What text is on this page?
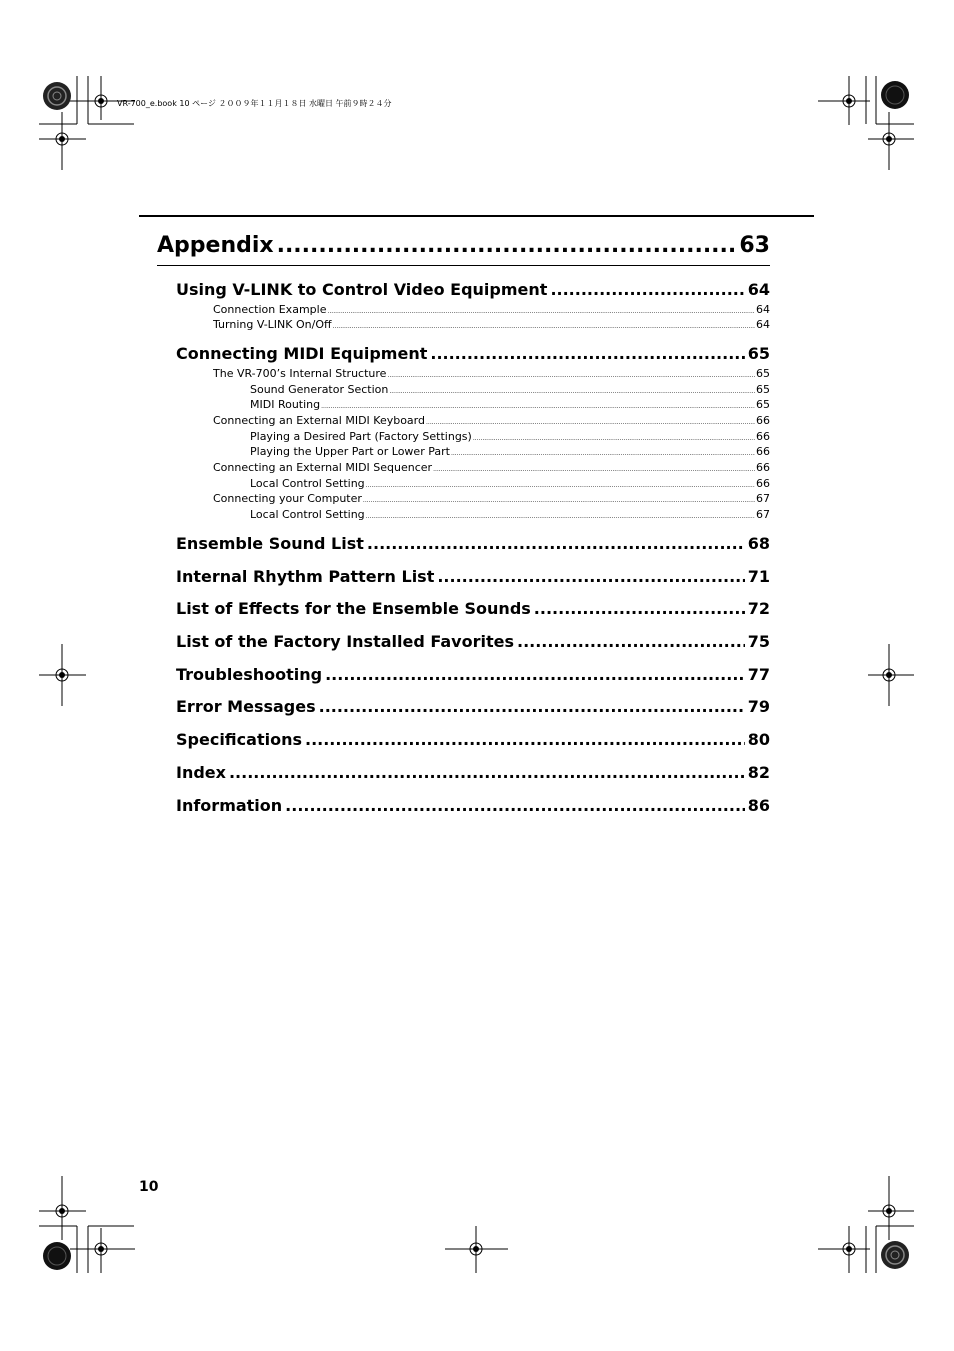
VR-700_e.book 10 ページ ２００９年１１月１８日 水曜日 午前９時２４分
Appendix .....	63
Using V-LINK to Control Video Equipment .....	64
Connection Example .....	64
Turning V-LINK On/Off .....	64
Connecting MIDI Equipment .....	65
The VR-700’s Internal Structure .....	65
Sound Generator Section .....	65
MIDI Routing .....	65
Connecting an External MIDI Keyboard .....	66
Playing a Desired Part (Factory Settings) .....	66
Playing the Upper Part or Lower Part .....	66
Connecting an External MIDI Sequencer .....	66
Local Control Setting .....	66
Connecting your Computer .....	67
Local Control Setting .....	67
Ensemble Sound List .....	68
Internal Rhythm Pattern List .....	71
List of Effects for the Ensemble Sounds .....	72
List of the Factory Installed Favorites .....	75
Troubleshooting .....	77
Error Messages .....	79
Specifications .....	80
Index .....	82
Information .....	86
10
